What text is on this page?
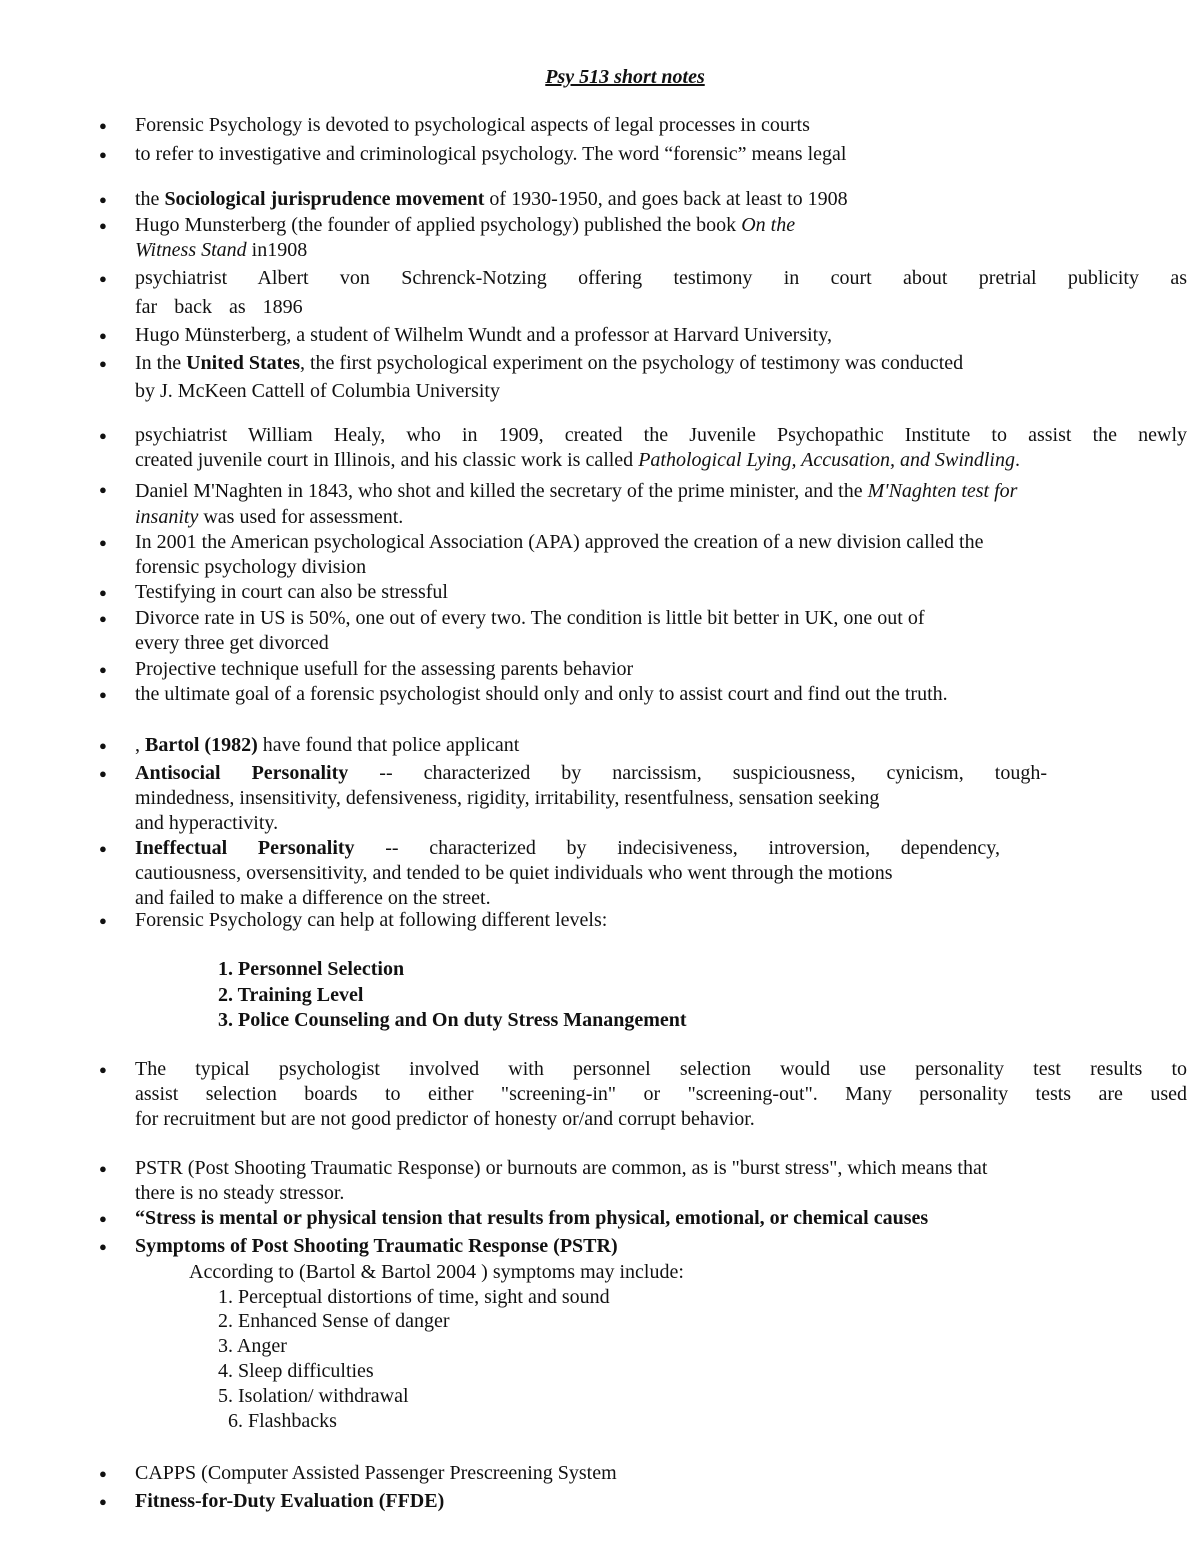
Psy 513 short notes
● Forensic Psychology is devoted to psychological aspects of legal processes in courts
● to refer to investigative and criminological psychology. The word “forensic” means legal
● the Sociological jurisprudence movement of 1930-1950, and goes back at least to 1908
● Hugo Munsterberg (the founder of applied psychology) published the book On the
Witness Stand in1908
● psychiatrist Albert von Schrenck-Notzing offering testimony in court about pretrial publicity as
far back as 1896
● Hugo Münsterberg, a student of Wilhelm Wundt and a professor at Harvard University,
● In the United States, the first psychological experiment on the psychology of testimony was conducted
by J. McKeen Cattell of Columbia University
● psychiatrist William Healy, who in 1909, created the Juvenile Psychopathic Institute to assist the newly
created juvenile court in Illinois, and his classic work is called Pathological Lying, Accusation, and Swindling.
● Daniel M'Naghten in 1843, who shot and killed the secretary of the prime minister, and the M'Naghten test for
insanity was used for assessment.
● In 2001 the American psychological Association (APA) approved the creation of a new division called the
forensic psychology division
● Testifying in court can also be stressful
● Divorce rate in US is 50%, one out of every two. The condition is little bit better in UK, one out of
every three get divorced
● Projective technique usefull for the assessing parents behavior
● the ultimate goal of a forensic psychologist should only and only to assist court and find out the truth.
● , Bartol (1982) have found that police applicant
● Antisocial Personality -- characterized by narcissism, suspiciousness, cynicism, tough-
mindedness, insensitivity, defensiveness, rigidity, irritability, resentfulness, sensation seeking
and hyperactivity.
● Ineffectual Personality -- characterized by indecisiveness, introversion, dependency,
cautiousness, oversensitivity, and tended to be quiet individuals who went through the motions
and failed to make a difference on the street.
● Forensic Psychology can help at following different levels:
1. Personnel Selection
2. Training Level
3. Police Counseling and On duty Stress Manangement
● The typical psychologist involved with personnel selection would use personality test results to
assist selection boards to either "screening-in" or "screening-out". Many personality tests are used
for recruitment but are not good predictor of honesty or/and corrupt behavior.
● PSTR (Post Shooting Traumatic Response) or burnouts are common, as is "burst stress", which means that
there is no steady stressor.
● “Stress is mental or physical tension that results from physical, emotional, or chemical causes
● Symptoms of Post Shooting Traumatic Response (PSTR)
According to (Bartol & Bartol 2004 ) symptoms may include:
1. Perceptual distortions of time, sight and sound
2. Enhanced Sense of danger
3. Anger
4. Sleep difficulties
5. Isolation/ withdrawal
6. Flashbacks
● CAPPS (Computer Assisted Passenger Prescreening System
● Fitness-for-Duty Evaluation (FFDE)
